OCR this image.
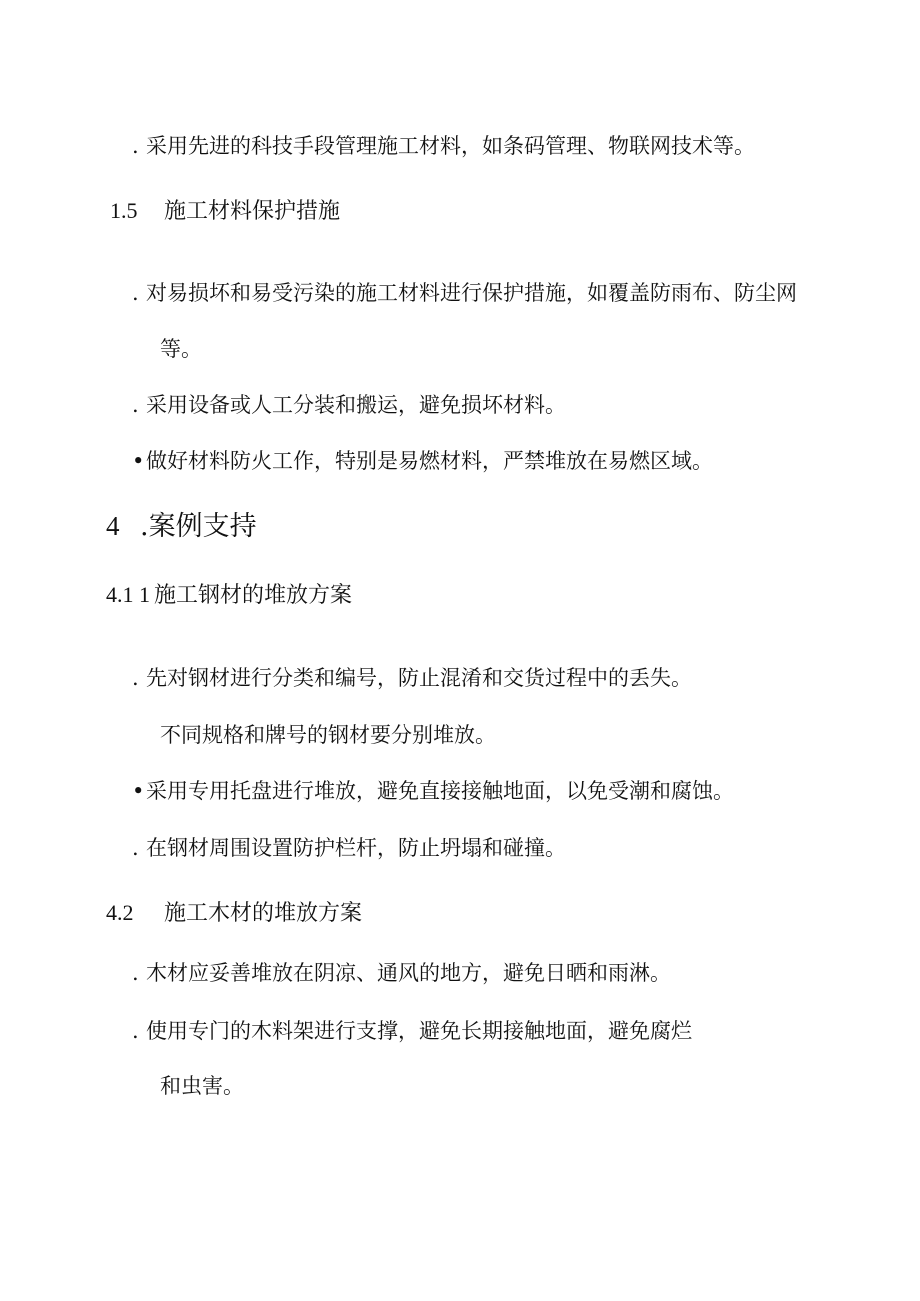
. 采用先进的科技手段管理施工材料，如条码管理、物联网技术等。
1.5 施工材料保护措施
. 对易损坏和易受污染的施工材料进行保护措施，如覆盖防雨布、防尘网
等。
. 采用设备或人工分装和搬运，避免损坏材料。
•做好材料防火工作，特别是易燃材料，严禁堆放在易燃区域。
4 .案例支持
4.1 1 施工钢材的堆放方案
. 先对钢材进行分类和编号，防止混淆和交货过程中的丢失。
不同规格和牌号的钢材要分别堆放。
•采用专用托盘进行堆放，避免直接接触地面，以免受潮和腐蚀。
. 在钢材周围设置防护栏杆，防止坍塌和碰撞。
4.2 施工木材的堆放方案
. 木材应妥善堆放在阴凉、通风的地方，避免日晒和雨淋。
. 使用专门的木料架进行支撑，避免长期接触地面，避免腐烂
和虫害。
